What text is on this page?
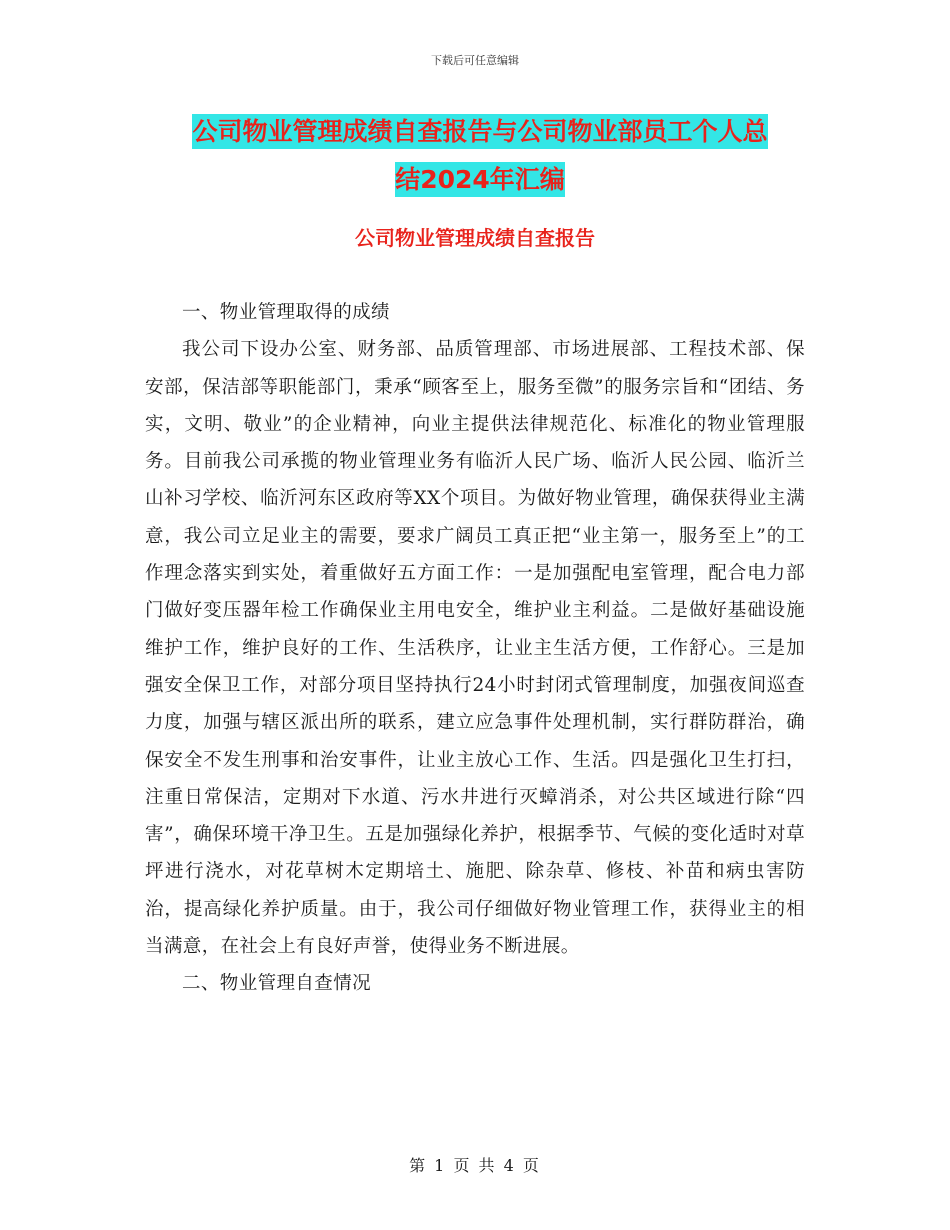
下载后可任意编辑
公司物业管理成绩自查报告与公司物业部员工个人总
结2024年汇编
公司物业管理成绩自查报告

一、物业管理取得的成绩

我公司下设办公室、财务部、品质管理部、市场进展部、工程技术部、保安部，保洁部等职能部门，秉承“顾客至上，服务至微”的服务宗旨和“团结、务实，文明、敬业”的企业精神，向业主提供法律规范化、标准化的物业管理服务。目前我公司承揽的物业管理业务有临沂人民广场、临沂人民公园、临沂兰山补习学校、临沂河东区政府等XX个项目。为做好物业管理，确保获得业主满意，我公司立足业主的需要，要求广阔员工真正把“业主第一，服务至上”的工作理念落实到实处，着重做好五方面工作：一是加强配电室管理，配合电力部门做好变压器年检工作确保业主用电安全，维护业主利益。二是做好基础设施维护工作，维护良好的工作、生活秩序，让业主生活方便，工作舒心。三是加强安全保卫工作，对部分项目坚持执行24小时封闭式管理制度，加强夜间巡查力度，加强与辖区派出所的联系，建立应急事件处理机制，实行群防群治，确保安全不发生刑事和治安事件，让业主放心工作、生活。四是强化卫生打扫，注重日常保洁，定期对下水道、污水井进行灭蟑消杀，对公共区域进行除“四害”，确保环境干净卫生。五是加强绿化养护，根据季节、气候的变化适时对草坪进行浇水，对花草树木定期培土、施肥、除杂草、修枝、补苗和病虫害防治，提高绿化养护质量。由于，我公司仔细做好物业管理工作，获得业主的相当满意，在社会上有良好声誉，使得业务不断进展。

二、物业管理自查情况

第 1 页 共 4 页
